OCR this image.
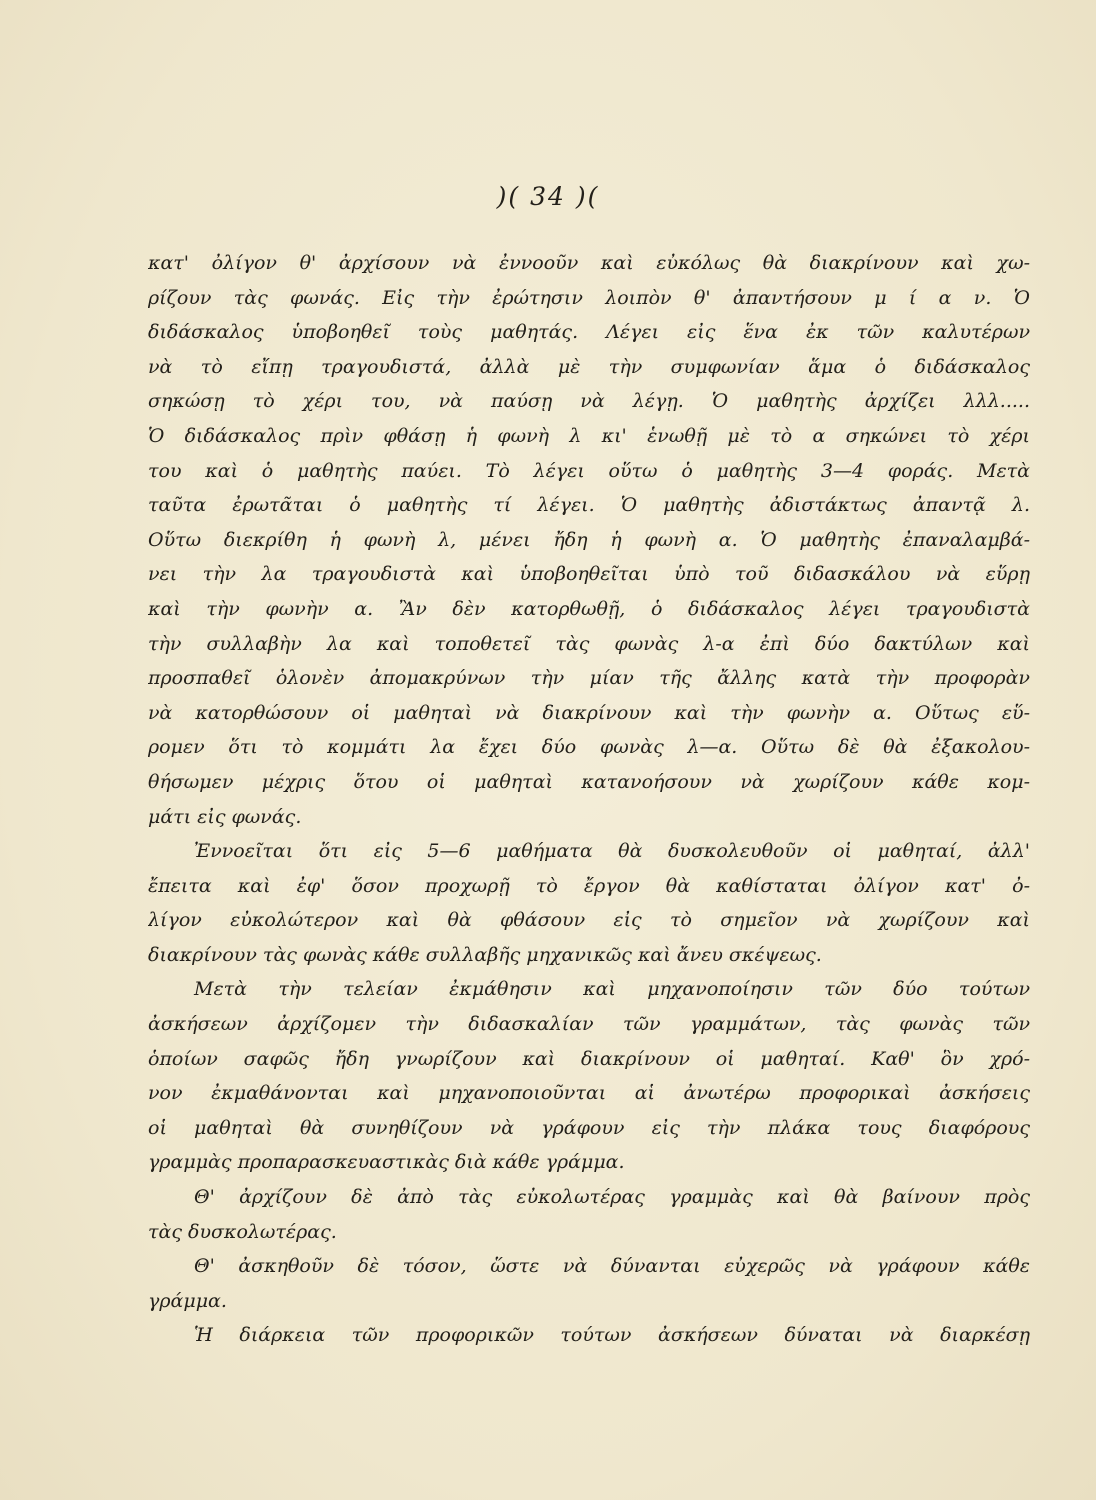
)( 34 )(
κατ' ὀλίγον θ' ἀρχίσουν νὰ ἐννοοῦν καὶ εὐκόλως θὰ διακρίνουν καὶ χω-
ρίζουν τὰς φωνάς. Εἰς τὴν ἐρώτησιν λοιπὸν θ' ἀπαντήσουν μ ί α ν. Ὁ
διδάσκαλος ὑποβοηθεῖ τοὺς μαθητάς. Λέγει εἰς ἕνα ἐκ τῶν καλυτέρων
νὰ τὸ εἴπῃ τραγουδιστά, ἀλλὰ μὲ τὴν συμφωνίαν ἅμα ὁ διδάσκαλος
σηκώσῃ τὸ χέρι του, νὰ παύσῃ νὰ λέγῃ. Ὁ μαθητὴς ἀρχίζει λλλ.....
Ὁ διδάσκαλος πρὶν φθάσῃ ἡ φωνὴ λ κι' ἑνωθῇ μὲ τὸ α σηκώνει τὸ χέρι
του καὶ ὁ μαθητὴς παύει. Τὸ λέγει οὕτω ὁ μαθητὴς 3—4 φοράς. Μετὰ
ταῦτα ἐρωτᾶται ὁ μαθητὴς τί λέγει. Ὁ μαθητὴς ἀδιστάκτως ἀπαντᾷ λ.
Οὕτω διεκρίθη ἡ φωνὴ λ, μένει ἤδη ἡ φωνὴ α. Ὁ μαθητὴς ἐπαναλαμβά-
νει τὴν λα τραγουδιστὰ καὶ ὑποβοηθεῖται ὑπὸ τοῦ διδασκάλου νὰ εὕρῃ
καὶ τὴν φωνὴν α. Ἂν δὲν κατορθωθῇ, ὁ διδάσκαλος λέγει τραγουδιστὰ
τὴν συλλαβὴν λα καὶ τοποθετεῖ τὰς φωνὰς λ-α ἐπὶ δύο δακτύλων καὶ
προσπαθεῖ ὁλονὲν ἀπομακρύνων τὴν μίαν τῆς ἄλλης κατὰ τὴν προφορὰν
νὰ κατορθώσουν οἱ μαθηταὶ νὰ διακρίνουν καὶ τὴν φωνὴν α. Οὕτως εὕ-
ρομεν ὅτι τὸ κομμάτι λα ἔχει δύο φωνὰς λ—α. Οὕτω δὲ θὰ ἐξακολου-
θήσωμεν μέχρις ὅτου οἱ μαθηταὶ κατανοήσουν νὰ χωρίζουν κάθε κομ-
μάτι εἰς φωνάς.
Ἐννοεῖται ὅτι εἰς 5—6 μαθήματα θὰ δυσκολευθοῦν οἱ μαθηταί, ἀλλ'
ἔπειτα καὶ ἐφ' ὅσον προχωρῇ τὸ ἔργον θὰ καθίσταται ὀλίγον κατ' ὀ-
λίγον εὐκολώτερον καὶ θὰ φθάσουν εἰς τὸ σημεῖον νὰ χωρίζουν καὶ
διακρίνουν τὰς φωνὰς κάθε συλλαβῆς μηχανικῶς καὶ ἄνευ σκέψεως.
Μετὰ τὴν τελείαν ἐκμάθησιν καὶ μηχανοποίησιν τῶν δύο τούτων
ἀσκήσεων ἀρχίζομεν τὴν διδασκαλίαν τῶν γραμμάτων, τὰς φωνὰς τῶν
ὁποίων σαφῶς ἤδη γνωρίζουν καὶ διακρίνουν οἱ μαθηταί. Καθ' ὃν χρό-
νον ἐκμαθάνονται καὶ μηχανοποιοῦνται αἱ ἀνωτέρω προφορικαὶ ἀσκήσεις
οἱ μαθηταὶ θὰ συνηθίζουν νὰ γράφουν εἰς τὴν πλάκα τους διαφόρους
γραμμὰς προπαρασκευαστικὰς διὰ κάθε γράμμα.
Θ' ἀρχίζουν δὲ ἀπὸ τὰς εὐκολωτέρας γραμμὰς καὶ θὰ βαίνουν πρὸς
τὰς δυσκολωτέρας.
Θ' ἀσκηθοῦν δὲ τόσον, ὥστε νὰ δύνανται εὐχερῶς νὰ γράφουν κάθε
γράμμα.
Ἡ διάρκεια τῶν προφορικῶν τούτων ἀσκήσεων δύναται νὰ διαρκέσῃ
